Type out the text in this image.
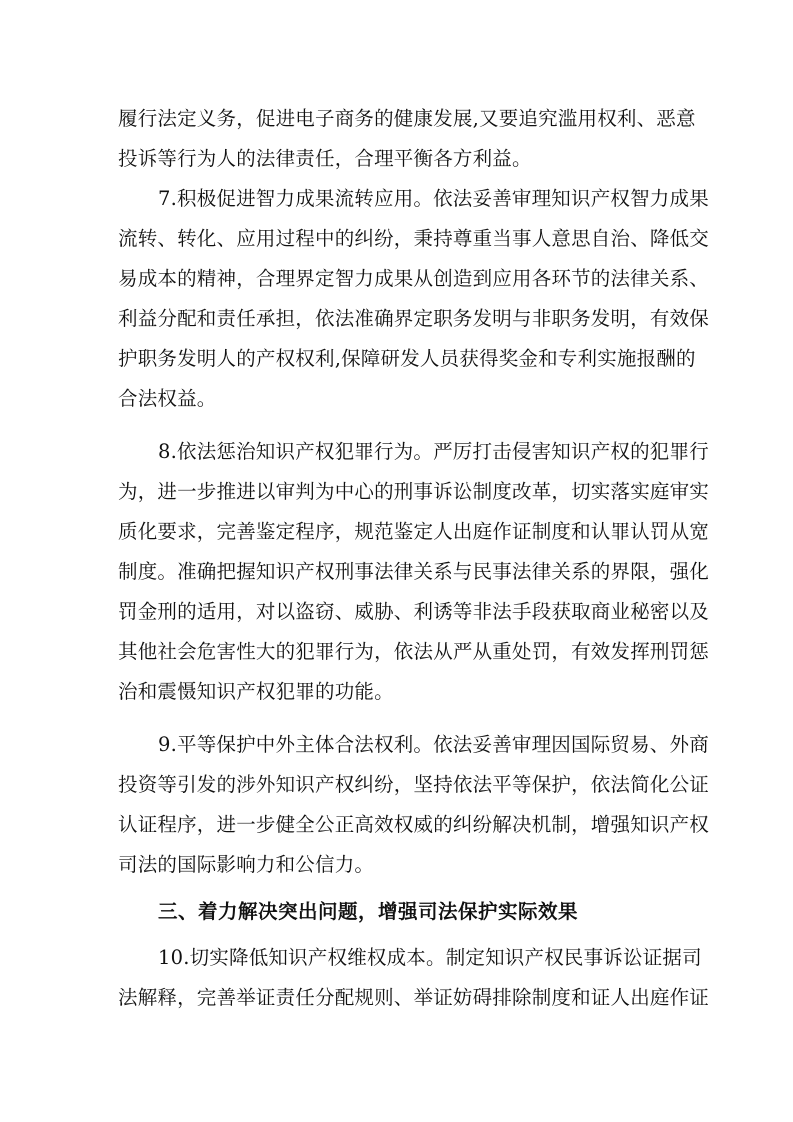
履行法定义务，促进电子商务的健康发展,又要追究滥用权利、恶意
投诉等行为人的法律责任，合理平衡各方利益。
7.积极促进智力成果流转应用。依法妥善审理知识产权智力成果
流转、转化、应用过程中的纠纷，秉持尊重当事人意思自治、降低交
易成本的精神，合理界定智力成果从创造到应用各环节的法律关系、
利益分配和责任承担，依法准确界定职务发明与非职务发明，有效保
护职务发明人的产权权利,保障研发人员获得奖金和专利实施报酬的
合法权益。
8.依法惩治知识产权犯罪行为。严厉打击侵害知识产权的犯罪行
为，进一步推进以审判为中心的刑事诉讼制度改革，切实落实庭审实
质化要求，完善鉴定程序，规范鉴定人出庭作证制度和认罪认罚从宽
制度。准确把握知识产权刑事法律关系与民事法律关系的界限，强化
罚金刑的适用，对以盗窃、威胁、利诱等非法手段获取商业秘密以及
其他社会危害性大的犯罪行为，依法从严从重处罚，有效发挥刑罚惩
治和震慑知识产权犯罪的功能。
9.平等保护中外主体合法权利。依法妥善审理因国际贸易、外商
投资等引发的涉外知识产权纠纷，坚持依法平等保护，依法简化公证
认证程序，进一步健全公正高效权威的纠纷解决机制，增强知识产权
司法的国际影响力和公信力。
三、着力解决突出问题，增强司法保护实际效果
10.切实降低知识产权维权成本。制定知识产权民事诉讼证据司
法解释，完善举证责任分配规则、举证妨碍排除制度和证人出庭作证
